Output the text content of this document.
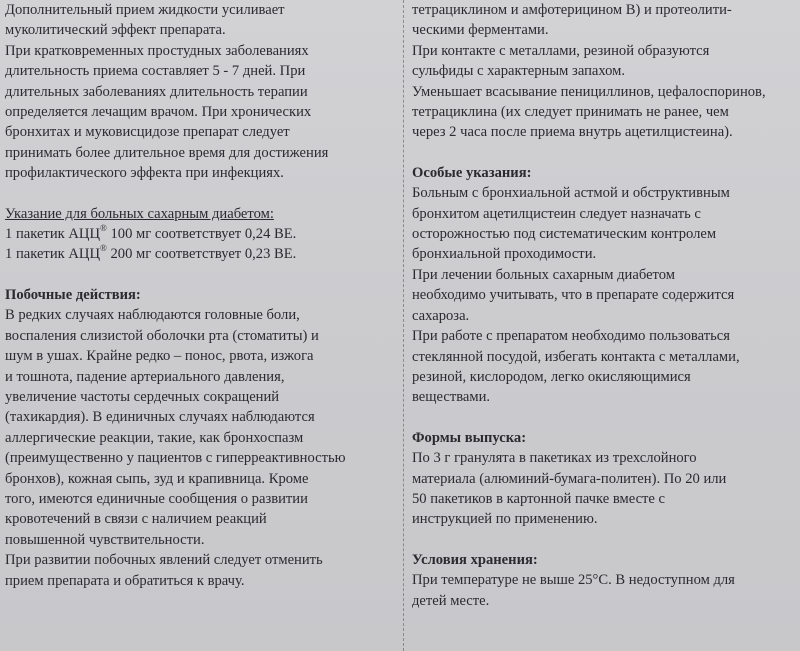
Дополнительный прием жидкости усиливает
муколитический эффект препарата.
При кратковременных простудных заболеваниях
длительность приема составляет 5 - 7 дней. При
длительных заболеваниях длительность терапии
определяется лечащим врачом. При хронических
бронхитах и муковисцидозе препарат следует
принимать более длительное время для достижения
профилактического эффекта при инфекциях.
Указание для больных сахарным диабетом:
1 пакетик АЦЦ® 100 мг соответствует 0,24 ВЕ.
1 пакетик АЦЦ® 200 мг соответствует 0,23 ВЕ.
Побочные действия:
В редких случаях наблюдаются головные боли,
воспаления слизистой оболочки рта (стоматиты) и
шум в ушах. Крайне редко – понос, рвота, изжога
и тошнота, падение артериального давления,
увеличение частоты сердечных сокращений
(тахикардия). В единичных случаях наблюдаются
аллергические реакции, такие, как бронхоспазм
(преимущественно у пациентов с гиперреактивностью
бронхов), кожная сыпь, зуд и крапивница. Кроме
того, имеются единичные сообщения о развитии
кровотечений в связи с наличием реакций
повышенной чувствительности.
При развитии побочных явлений следует отменить
прием препарата и обратиться к врачу.
тетрациклином и амфотерицином В) и протеолити-
ческими ферментами.
При контакте с металлами, резиной образуются
сульфиды с характерным запахом.
Уменьшает всасывание пенициллинов, цефалоспоринов,
тетрациклина (их следует принимать не ранее, чем
через 2 часа после приема внутрь ацетилцистеина).
Особые указания:
Больным с бронхиальной астмой и обструктивным
бронхитом ацетилцистеин следует назначать с
осторожностью под систематическим контролем
бронхиальной проходимости.
При лечении больных сахарным диабетом
необходимо учитывать, что в препарате содержится
сахароза.
При работе с препаратом необходимо пользоваться
стеклянной посудой, избегать контакта с металлами,
резиной, кислородом, легко окисляющимися
веществами.
Формы выпуска:
По 3 г гранулята в пакетиках из трехслойного
материала (алюминий-бумага-политен). По 20 или
50 пакетиков в картонной пачке вместе с
инструкцией по применению.
Условия хранения:
При температуре не выше 25°С. В недоступном для
детей месте.
